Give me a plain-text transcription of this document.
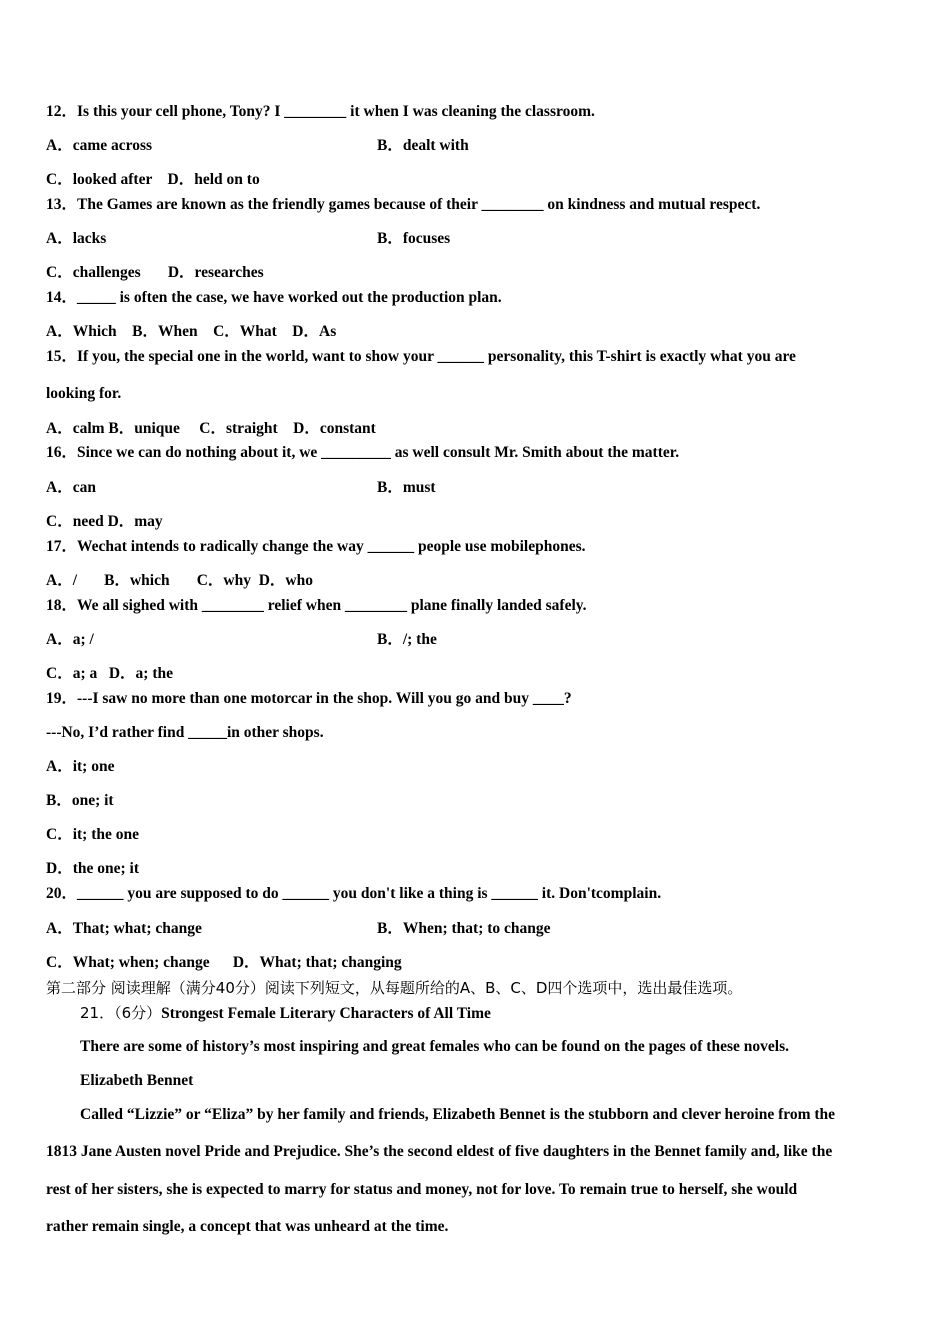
12．Is this your cell phone, Tony? I ________ it when I was cleaning the classroom.
A．came across	B．dealt with
C．looked after    D．held on to
13．The Games are known as the friendly games because of their ________ on kindness and mutual respect.
A．lacks	B．focuses
C．challenges       D．researches
14．_____ is often the case, we have worked out the production plan.
A．Which    B．When    C．What    D．As
15．If you, the special one in the world, want to show your ______ personality, this T-shirt is exactly what you are
looking for.
A．calm B．unique     C．straight    D．constant
16．Since we can do nothing about it, we _________ as well consult Mr. Smith about the matter.
A．can	B．must
C．need D．may
17．Wechat intends to radically change the way ______ people use mobilephones.
A．/       B．which       C．why  D．who
18．We all sighed with ________ relief when ________ plane finally landed safely.
A．a; /	B．/; the
C．a; a   D．a; the
19．---I saw no more than one motorcar in the shop. Will you go and buy ____?
---No, I’d rather find _____in other shops.
A．it; one
B．one; it
C．it; the one
D．the one; it
20．______ you are supposed to do ______ you don't like a thing is ______ it. Don'tcomplain.
A．That; what; change	B．When; that; to change
C．What; when; change      D．What; that; changing
第二部分 阅读理解（满分40分）阅读下列短文，从每题所给的A、B、C、D四个选项中，选出最佳选项。
21．（6分）Strongest Female Literary Characters of All Time
There are some of history’s most inspiring and great females who can be found on the pages of these novels.
Elizabeth Bennet
Called “Lizzie” or “Eliza” by her family and friends, Elizabeth Bennet is the stubborn and clever heroine from the
1813 Jane Austen novel Pride and Prejudice. She’s the second eldest of five daughters in the Bennet family and, like the
rest of her sisters, she is expected to marry for status and money, not for love. To remain true to herself, she would
rather remain single, a concept that was unheard at the time.
